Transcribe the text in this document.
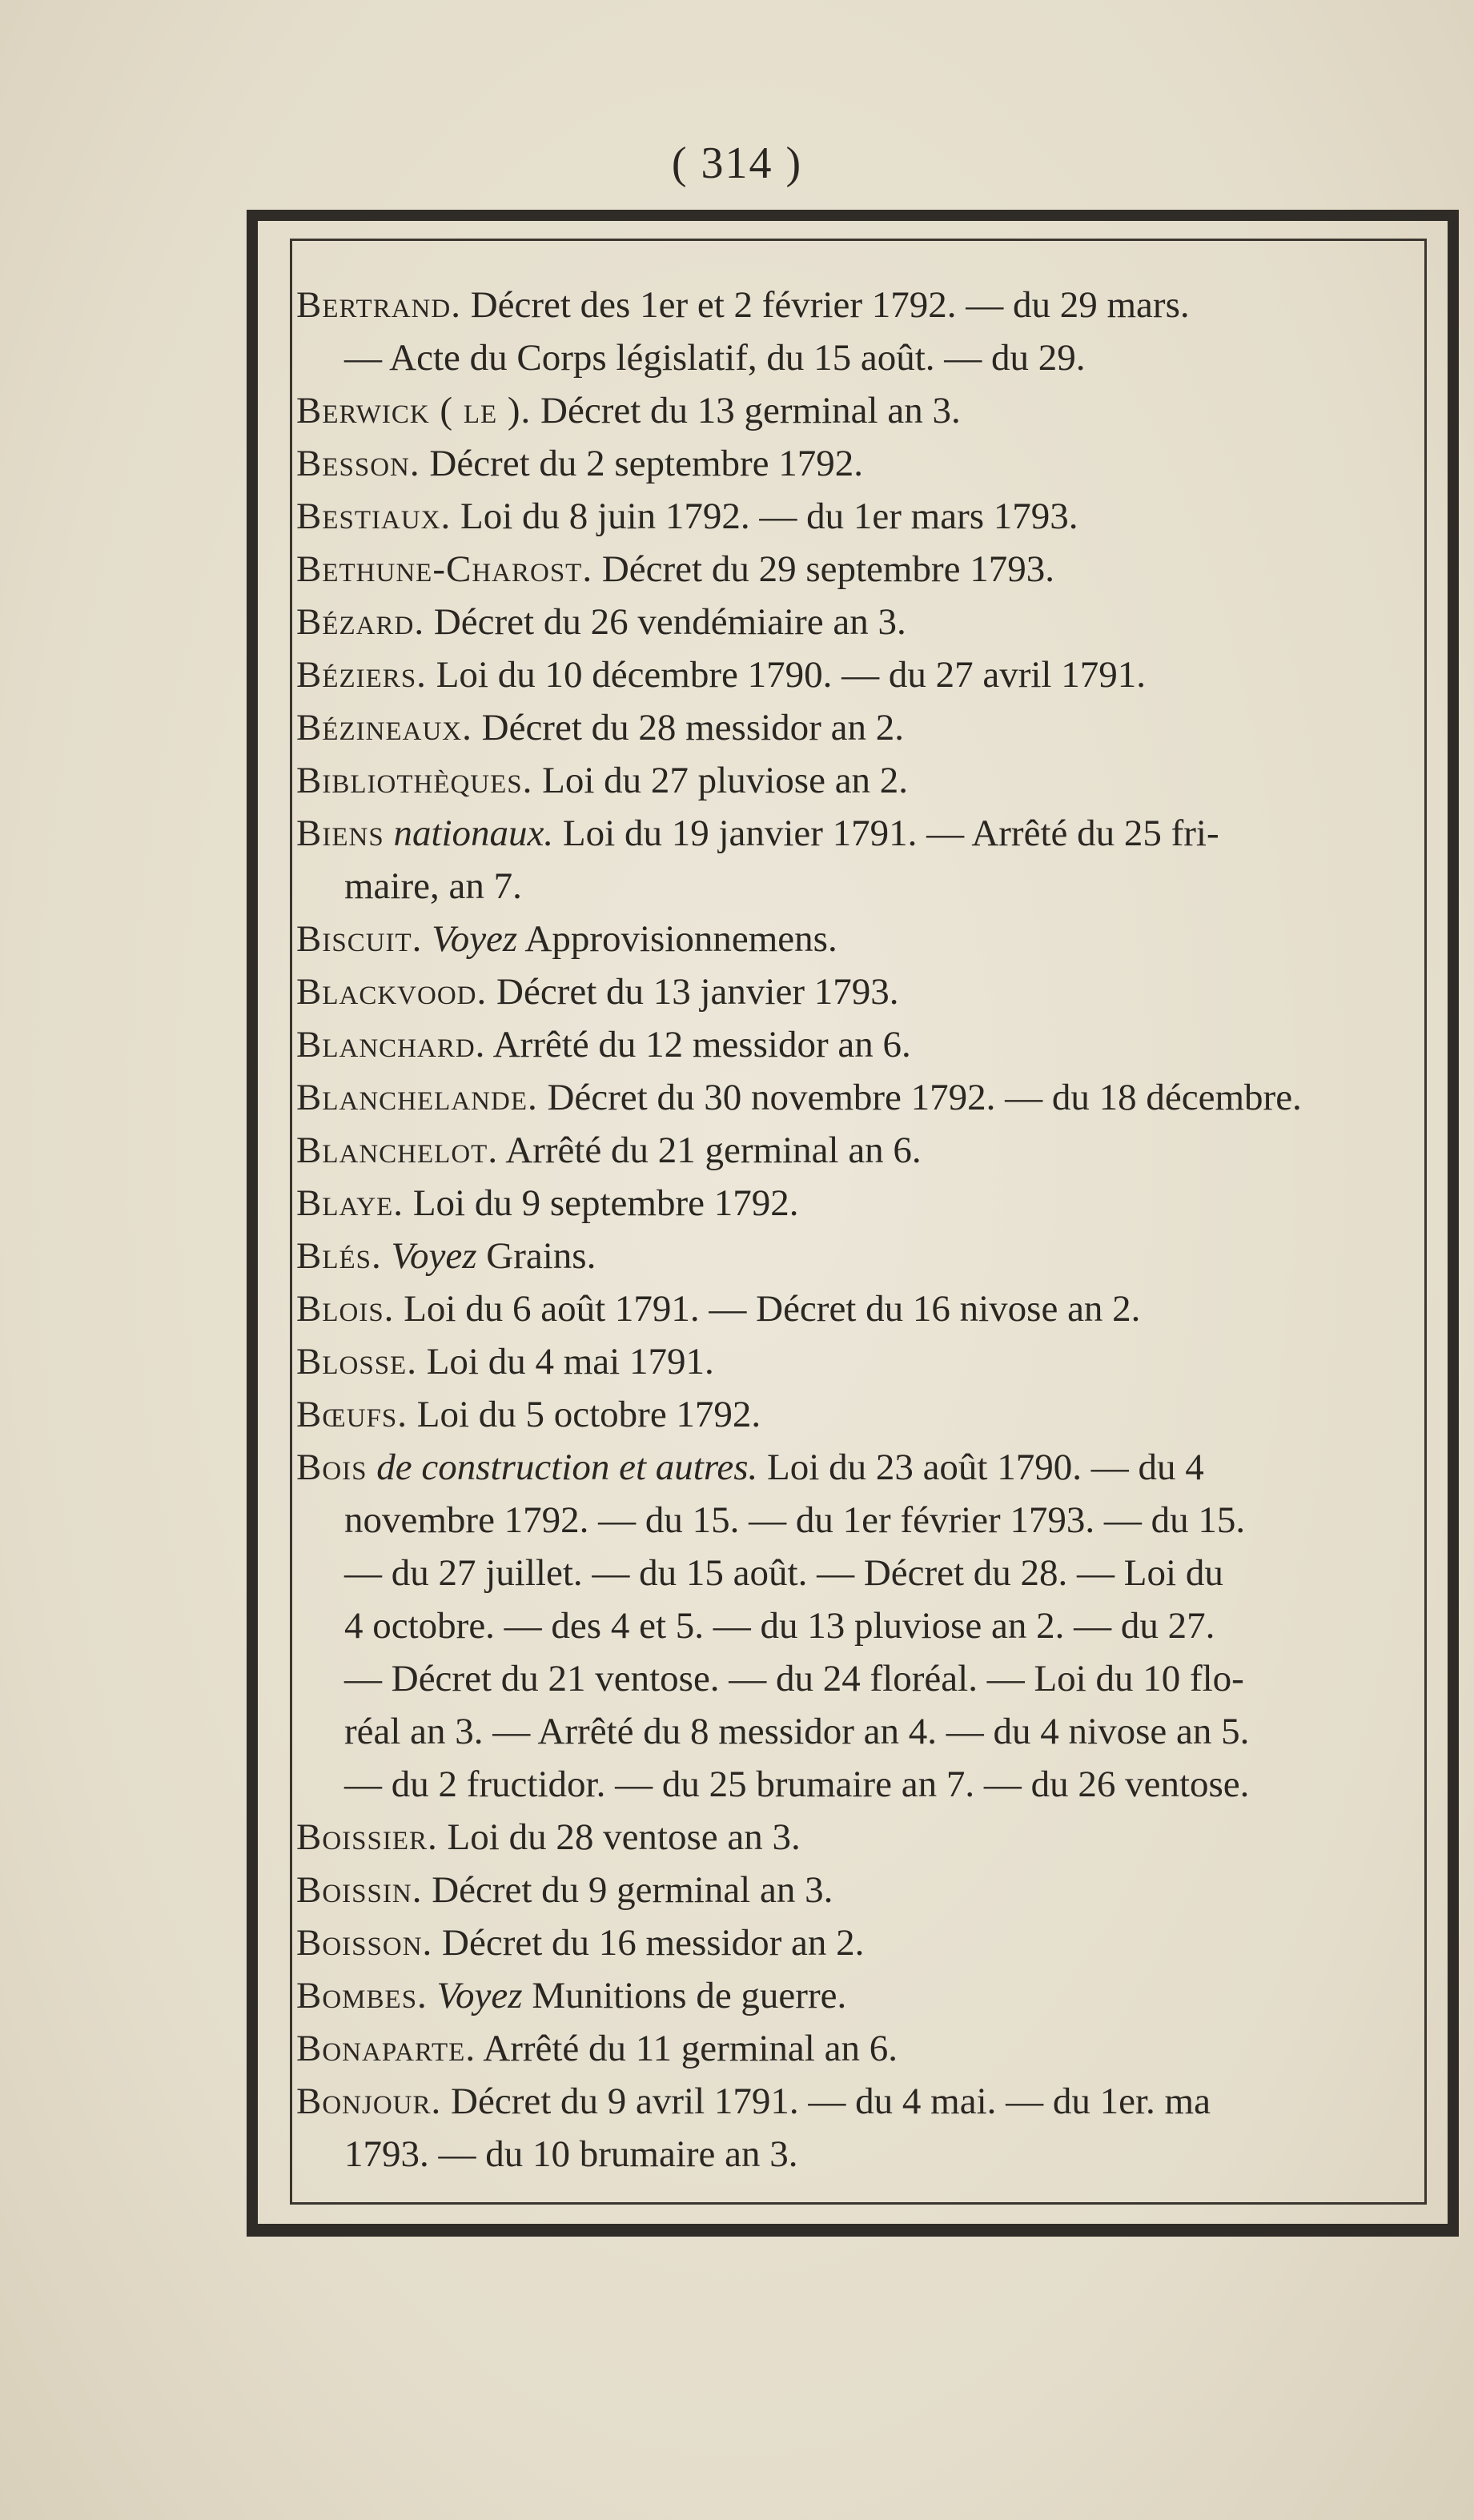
( 314 )

Bertrand. Décret des 1er et 2 février 1792. — du 29 mars.
— Acte du Corps législatif, du 15 août. — du 29.

Berwick ( le ). Décret du 13 germinal an 3.

Besson. Décret du 2 septembre 1792.

Bestiaux. Loi du 8 juin 1792. — du 1er mars 1793.

Bethune-Charost. Décret du 29 septembre 1793.

Bézard. Décret du 26 vendémiaire an 3.

Béziers. Loi du 10 décembre 1790. — du 27 avril 1791.

Bézineaux. Décret du 28 messidor an 2.

Bibliothèques. Loi du 27 pluviose an 2.

Biens nationaux. Loi du 19 janvier 1791. — Arrêté du 25 fri-
maire, an 7.

Biscuit. Voyez Approvisionnemens.

Blackvood. Décret du 13 janvier 1793.

Blanchard. Arrêté du 12 messidor an 6.

Blanchelande. Décret du 30 novembre 1792. — du 18 décembre.

Blanchelot. Arrêté du 21 germinal an 6.

Blaye. Loi du 9 septembre 1792.

Blés. Voyez Grains.

Blois. Loi du 6 août 1791. — Décret du 16 nivose an 2.

Blosse. Loi du 4 mai 1791.

Bœufs. Loi du 5 octobre 1792.

Bois de construction et autres. Loi du 23 août 1790. — du 4
novembre 1792. — du 15. — du 1er février 1793. — du 15.
— du 27 juillet. — du 15 août. — Décret du 28. — Loi du
4 octobre. — des 4 et 5. — du 13 pluviose an 2. — du 27.
— Décret du 21 ventose. — du 24 floréal. — Loi du 10 flo-
réal an 3. — Arrêté du 8 messidor an 4. — du 4 nivose an 5.
— du 2 fructidor. — du 25 brumaire an 7. — du 26 ventose.

Boissier. Loi du 28 ventose an 3.

Boissin. Décret du 9 germinal an 3.

Boisson. Décret du 16 messidor an 2.

Bombes. Voyez Munitions de guerre.

Bonaparte. Arrêté du 11 germinal an 6.

Bonjour. Décret du 9 avril 1791. — du 4 mai. — du 1er. ma
1793. — du 10 brumaire an 3.
